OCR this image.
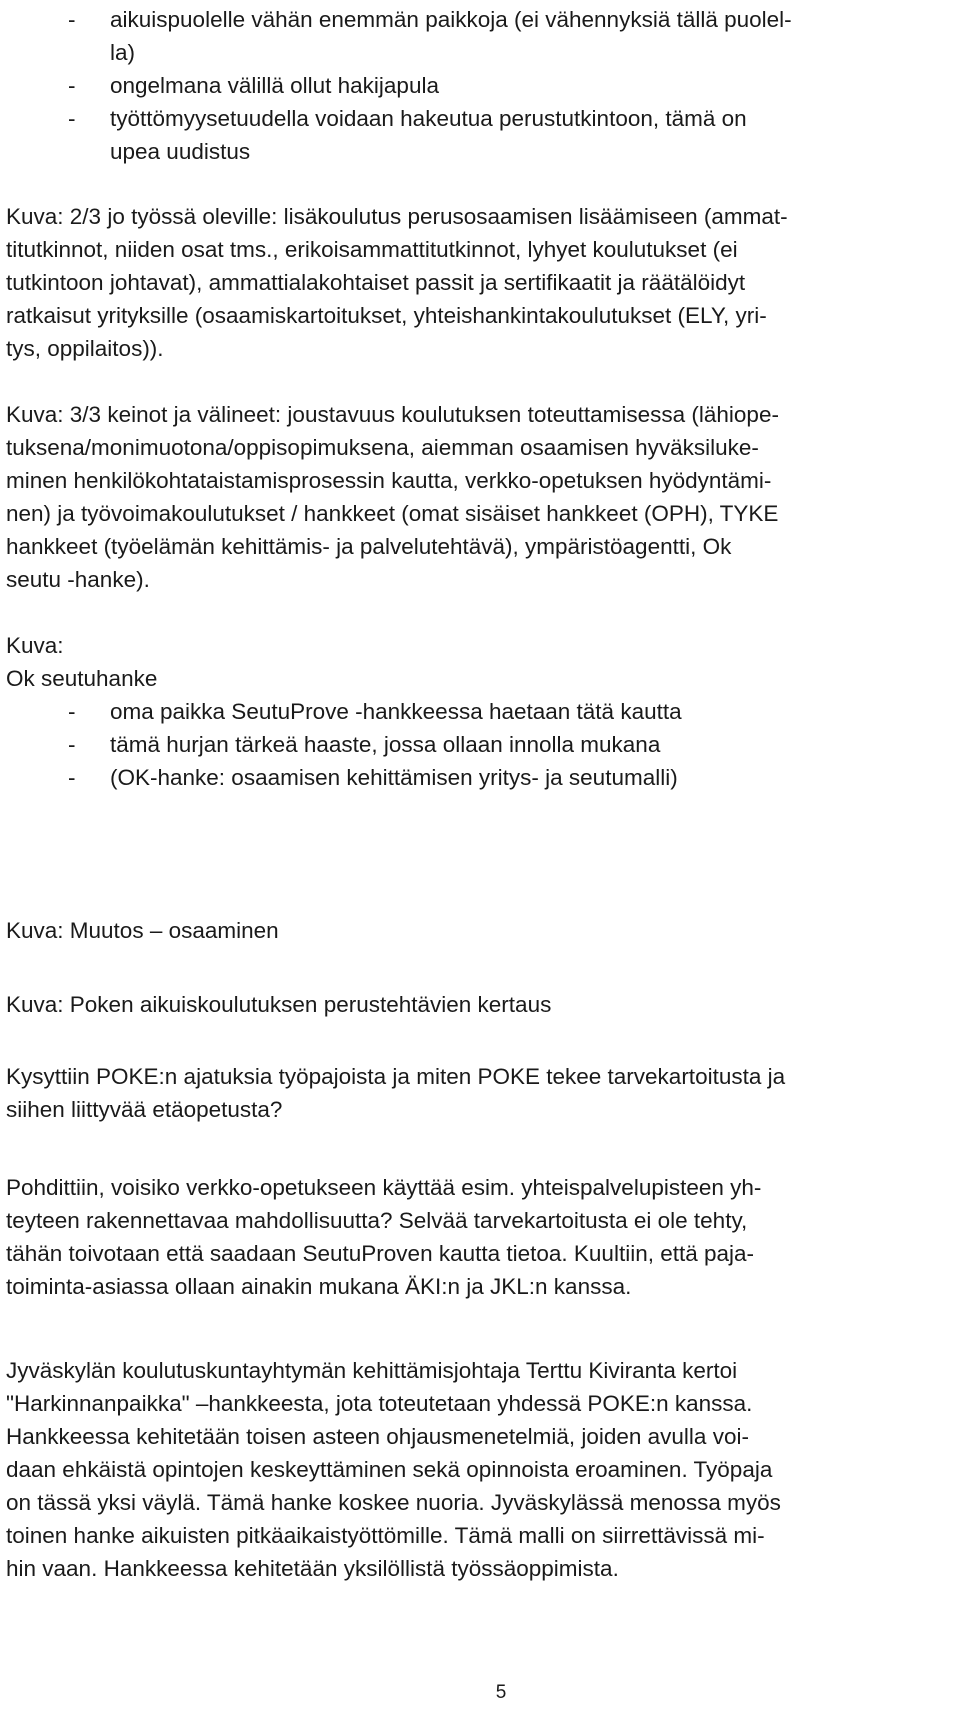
- aikuispuolelle vähän enemmän paikkoja (ei vähennyksiä tällä puolel-
la)
- ongelmana välillä ollut hakijapula
- työttömyysetuudella voidaan hakeutua perustutkintoon, tämä on
upea uudistus
Kuva: 2/3 jo työssä oleville: lisäkoulutus perusosaamisen lisäämiseen (ammat-
titutkinnot, niiden osat tms., erikoisammattitutkinnot, lyhyet koulutukset (ei
tutkintoon johtavat), ammattialakohtaiset passit ja sertifikaatit ja räätälöidyt
ratkaisut yrityksille (osaamiskartoitukset, yhteishankintakoulutukset (ELY, yri-
tys, oppilaitos)).
Kuva: 3/3 keinot ja välineet: joustavuus koulutuksen toteuttamisessa (lähiope-
tuksena/monimuotona/oppisopimuksena, aiemman osaamisen hyväksiluke-
minen henkilökohtataistamisprosessin kautta, verkko-opetuksen hyödyntämi-
nen) ja työvoimakoulutukset / hankkeet (omat sisäiset hankkeet (OPH), TYKE
hankkeet (työelämän kehittämis- ja palvelutehtävä), ympäristöagentti, Ok
seutu -hanke).
Kuva:
Ok seutuhanke
- oma paikka SeutuProve -hankkeessa haetaan tätä kautta
- tämä hurjan tärkeä haaste, jossa ollaan innolla mukana
- (OK-hanke: osaamisen kehittämisen yritys- ja seutumalli)
Kuva: Muutos – osaaminen
Kuva: Poken aikuiskoulutuksen perustehtävien kertaus
Kysyttiin POKE:n ajatuksia työpajoista ja miten POKE tekee tarvekartoitusta ja
siihen liittyvää etäopetusta?
Pohdittiin, voisiko verkko-opetukseen käyttää esim. yhteispalvelupisteen yh-
teyteen rakennettavaa mahdollisuutta? Selvää tarvekartoitusta ei ole tehty,
tähän toivotaan että saadaan SeutuProven kautta tietoa. Kuultiin, että paja-
toiminta-asiassa ollaan ainakin mukana ÄKI:n ja JKL:n kanssa.
Jyväskylän koulutuskuntayhtymän kehittämisjohtaja Terttu Kiviranta kertoi
"Harkinnanpaikka" –hankkeesta, jota toteutetaan yhdessä POKE:n kanssa.
Hankkeessa kehitetään toisen asteen ohjausmenetelmiä, joiden avulla voi-
daan ehkäistä opintojen keskeyttäminen sekä opinnoista eroaminen. Työpaja
on tässä yksi väylä. Tämä hanke koskee nuoria. Jyväskylässä menossa myös
toinen hanke aikuisten pitkäaikaistyöttömille. Tämä malli on siirrettävissä mi-
hin vaan. Hankkeessa kehitetään yksilöllistä työssäoppimista.
5
